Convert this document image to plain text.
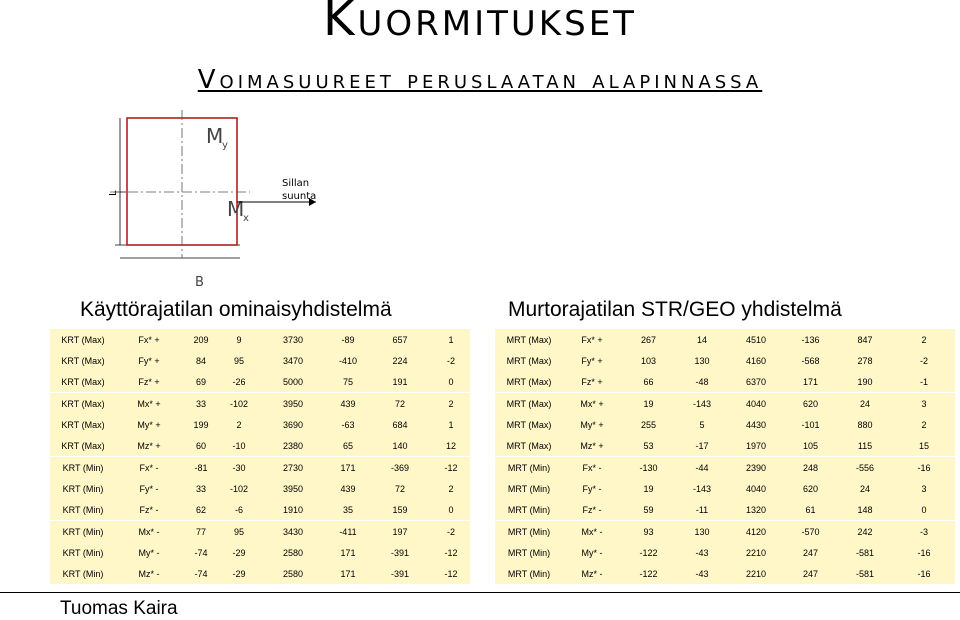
Kuormitukset
Voimasuureet peruslaatan alapinnassa
L
M
y
M
x
Sillan
suunta
B
Käyttörajatilan ominaisyhdistelmä	Murtorajatilan STR/GEO yhdistelmä
KRT (Max)	Fx* +	209	9	3730	-89	657	1
KRT (Max)	Fy* +	84	95	3470	-410	224	-2
KRT (Max)	Fz* +	69	-26	5000	75	191	0

KRT (Max)	Mx* +	33	-102	3950	439	72	2
KRT (Max)	My* +	199	2	3690	-63	684	1
KRT (Max)	Mz* +	60	-10	2380	65	140	12

KRT (Min)	Fx* -	-81	-30	2730	171	-369	-12
KRT (Min)	Fy* -	33	-102	3950	439	72	2
KRT (Min)	Fz* -	62	-6	1910	35	159	0

KRT (Min)	Mx* -	77	95	3430	-411	197	-2
KRT (Min)	My* -	-74	-29	2580	171	-391	-12
KRT (Min)	Mz* -	-74	-29	2580	171	-391	-12
MRT (Max)	Fx* +	267	14	4510	-136	847	2
MRT (Max)	Fy* +	103	130	4160	-568	278	-2
MRT (Max)	Fz* +	66	-48	6370	171	190	-1

MRT (Max)	Mx* +	19	-143	4040	620	24	3
MRT (Max)	My* +	255	5	4430	-101	880	2
MRT (Max)	Mz* +	53	-17	1970	105	115	15

MRT (Min)	Fx* -	-130	-44	2390	248	-556	-16
MRT (Min)	Fy* -	19	-143	4040	620	24	3
MRT (Min)	Fz* -	59	-11	1320	61	148	0

MRT (Min)	Mx* -	93	130	4120	-570	242	-3
MRT (Min)	My* -	-122	-43	2210	247	-581	-16
MRT (Min)	Mz* -	-122	-43	2210	247	-581	-16
Tuomas Kaira
